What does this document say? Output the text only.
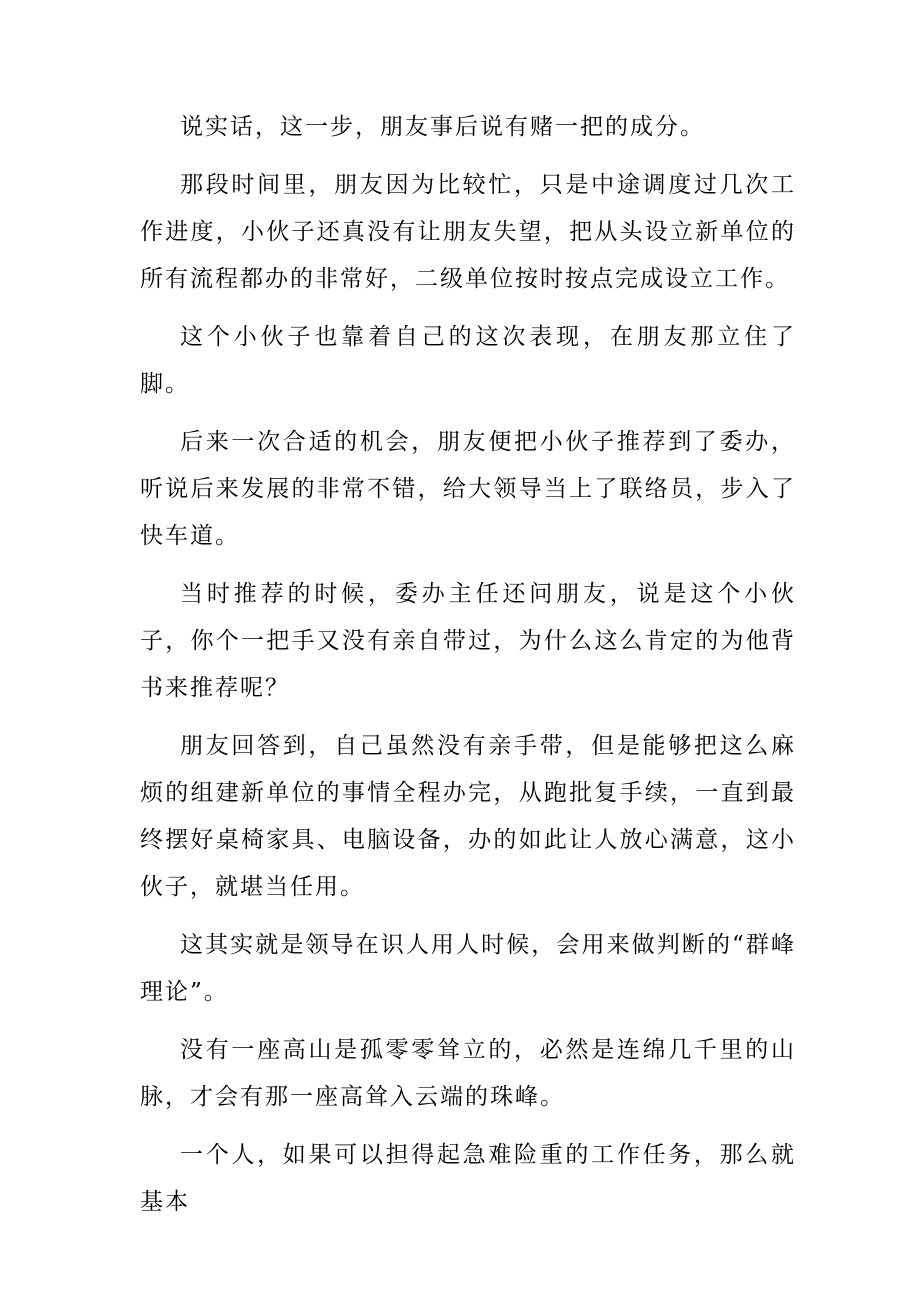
说实话，这一步，朋友事后说有赌一把的成分。

那段时间里，朋友因为比较忙，只是中途调度过几次工作进度，小伙子还真没有让朋友失望，把从头设立新单位的所有流程都办的非常好，二级单位按时按点完成设立工作。

这个小伙子也靠着自己的这次表现，在朋友那立住了脚。

后来一次合适的机会，朋友便把小伙子推荐到了委办，听说后来发展的非常不错，给大领导当上了联络员，步入了快车道。

当时推荐的时候，委办主任还问朋友，说是这个小伙子，你个一把手又没有亲自带过，为什么这么肯定的为他背书来推荐呢？

朋友回答到，自己虽然没有亲手带，但是能够把这么麻烦的组建新单位的事情全程办完，从跑批复手续，一直到最终摆好桌椅家具、电脑设备，办的如此让人放心满意，这小伙子，就堪当任用。

这其实就是领导在识人用人时候，会用来做判断的“群峰理论”。

没有一座高山是孤零零耸立的，必然是连绵几千里的山脉，才会有那一座高耸入云端的珠峰。

一个人，如果可以担得起急难险重的工作任务，那么就基本
